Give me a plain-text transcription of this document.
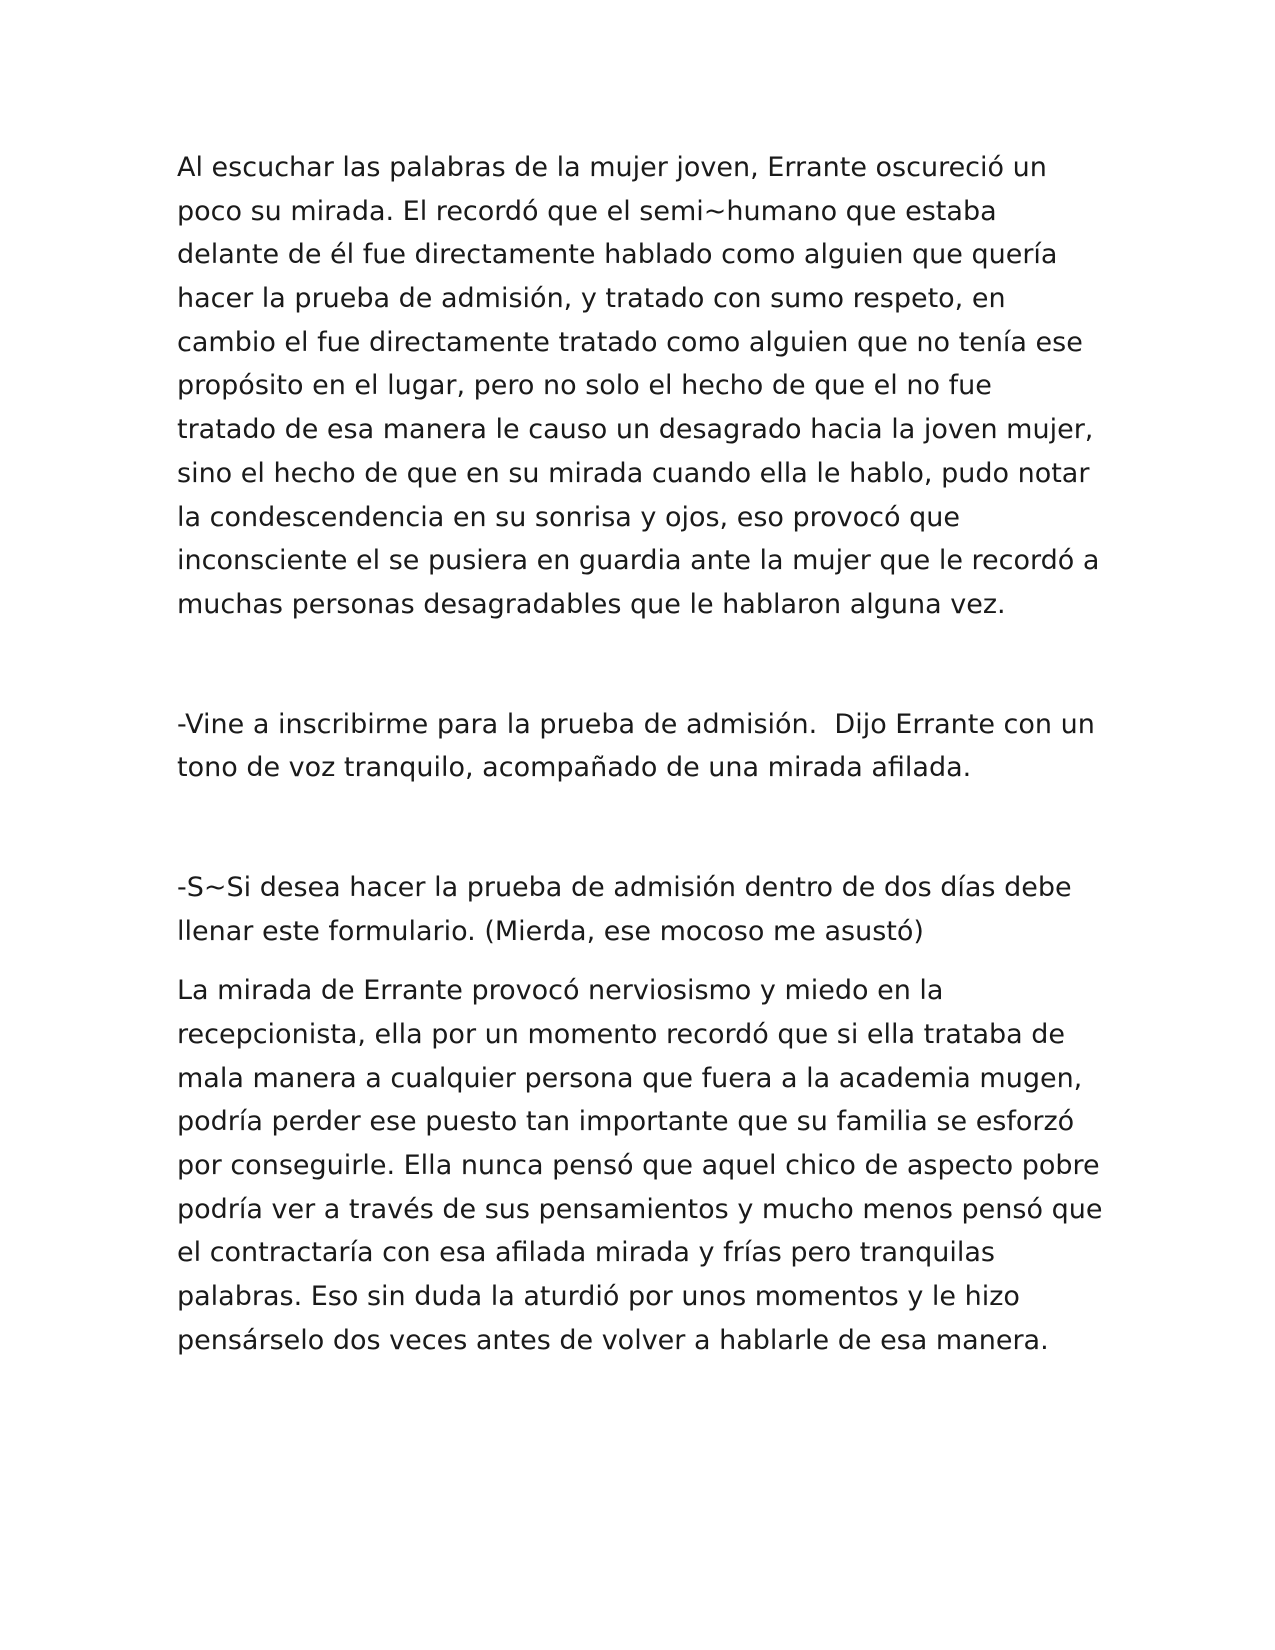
Al escuchar las palabras de la mujer joven, Errante oscureció un
poco su mirada. El recordó que el semi~humano que estaba
delante de él fue directamente hablado como alguien que quería
hacer la prueba de admisión, y tratado con sumo respeto, en
cambio el fue directamente tratado como alguien que no tenía ese
propósito en el lugar, pero no solo el hecho de que el no fue
tratado de esa manera le causo un desagrado hacia la joven mujer,
sino el hecho de que en su mirada cuando ella le hablo, pudo notar
la condescendencia en su sonrisa y ojos, eso provocó que
inconsciente el se pusiera en guardia ante la mujer que le recordó a
muchas personas desagradables que le hablaron alguna vez.
-Vine a inscribirme para la prueba de admisión.  Dijo Errante con un
tono de voz tranquilo, acompañado de una mirada afilada.
-S~Si desea hacer la prueba de admisión dentro de dos días debe
llenar este formulario. (Mierda, ese mocoso me asustó)
La mirada de Errante provocó nerviosismo y miedo en la
recepcionista, ella por un momento recordó que si ella trataba de
mala manera a cualquier persona que fuera a la academia mugen,
podría perder ese puesto tan importante que su familia se esforzó
por conseguirle. Ella nunca pensó que aquel chico de aspecto pobre
podría ver a través de sus pensamientos y mucho menos pensó que
el contractaría con esa afilada mirada y frías pero tranquilas
palabras. Eso sin duda la aturdió por unos momentos y le hizo
pensárselo dos veces antes de volver a hablarle de esa manera.
